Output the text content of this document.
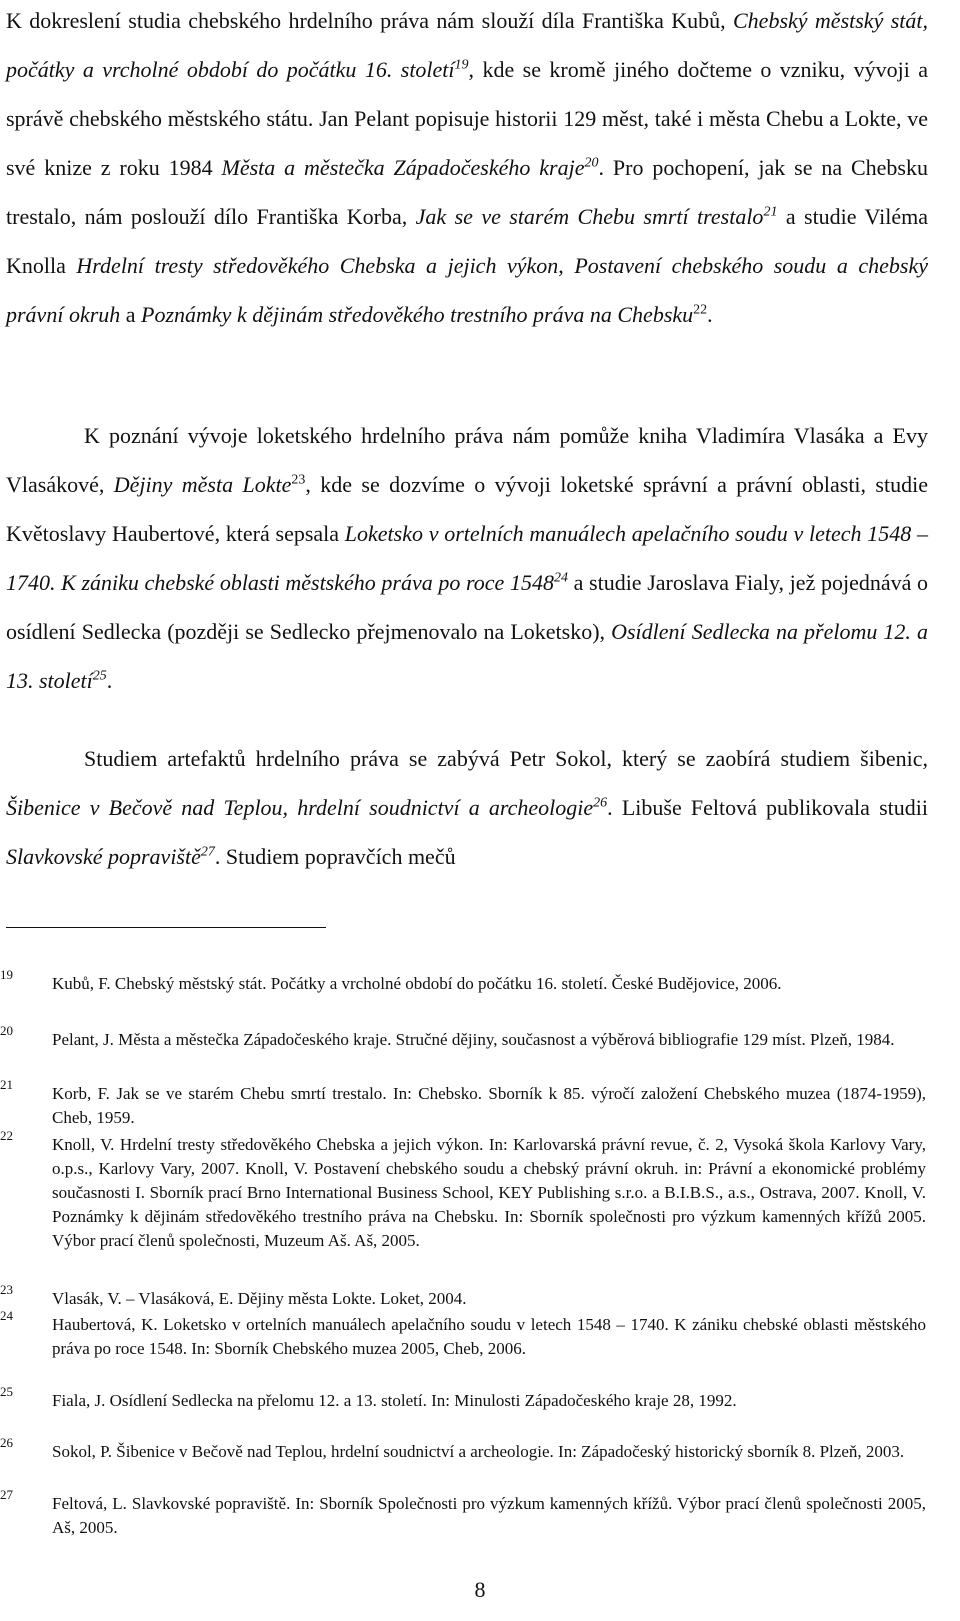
K dokreslení studia chebského hrdelního práva nám slouží díla Františka Kubů, Chebský městský stát, počátky a vrcholné období do počátku 16. století$^{19}$, kde se kromě jiného dočteme o vzniku, vývoji a správě chebského městského státu. Jan Pelant popisuje historii 129 měst, také i města Chebu a Lokte, ve své knize z roku 1984 Města a městečka Západočeského kraje$^{20}$. Pro pochopení, jak se na Chebsku trestalo, nám poslouží dílo Františka Korba, Jak se ve starém Chebu smrtí trestalo$^{21}$ a studie Viléma Knolla Hrdelní tresty středověkého Chebska a jejich výkon, Postavení chebského soudu a chebský právní okruh a Poznámky k dějinám středověkého trestního práva na Chebsku$^{22}$.

K poznání vývoje loketského hrdelního práva nám pomůže kniha Vladimíra Vlasáka a Evy Vlasákové, Dějiny města Lokte$^{23}$, kde se dozvíme o vývoji loketské správní a právní oblasti, studie Květoslavy Haubertové, která sepsala Loketsko v ortelních manuálech apelačního soudu v letech 1548 – 1740. K zániku chebské oblasti městského práva po roce 1548$^{24}$ a studie Jaroslava Fialy, jež pojednává o osídlení Sedlecka (později se Sedlecko přejmenovalo na Loketsko), Osídlení Sedlecka na přelomu 12. a 13. století$^{25}$.

Studiem artefaktů hrdelního práva se zabývá Petr Sokol, který se zaobírá studiem šibenic, Šibenice v Bečově nad Teplou, hrdelní soudnictví a archeologie$^{26}$. Libuše Feltová publikovala studii Slavkovské popraviště$^{27}$. Studiem popravčích mečů

19	Kubů, F. Chebský městský stát. Počátky a vrcholné období do počátku 16. století. České Budějovice, 2006.
20	Pelant, J. Města a městečka Západočeského kraje. Stručné dějiny, současnost a výběrová bibliografie 129 míst. Plzeň, 1984.
21	Korb, F. Jak se ve starém Chebu smrtí trestalo. In: Chebsko. Sborník k 85. výročí založení Chebského muzea (1874-1959), Cheb, 1959.
22	Knoll, V. Hrdelní tresty středověkého Chebska a jejich výkon. In: Karlovarská právní revue, č. 2, Vysoká škola Karlovy Vary, o.p.s., Karlovy Vary, 2007. Knoll, V. Postavení chebského soudu a chebský právní okruh. in: Právní a ekonomické problémy současnosti I. Sborník prací Brno International Business School, KEY Publishing s.r.o. a B.I.B.S., a.s., Ostrava, 2007. Knoll, V. Poznámky k dějinám středověkého trestního práva na Chebsku. In: Sborník společnosti pro výzkum kamenných křížů 2005. Výbor prací členů společnosti, Muzeum Aš. Aš, 2005.
23	Vlasák, V. – Vlasáková, E. Dějiny města Lokte. Loket, 2004.
24	Haubertová, K. Loketsko v ortelních manuálech apelačního soudu v letech 1548 – 1740. K zániku chebské oblasti městského práva po roce 1548. In: Sborník Chebského muzea 2005, Cheb, 2006.
25	Fiala, J. Osídlení Sedlecka na přelomu 12. a 13. století. In: Minulosti Západočeského kraje 28, 1992.
26	Sokol, P. Šibenice v Bečově nad Teplou, hrdelní soudnictví a archeologie. In: Západočeský historický sborník 8. Plzeň, 2003.
27	Feltová, L. Slavkovské popraviště. In: Sborník Společnosti pro výzkum kamenných křížů. Výbor prací členů společnosti 2005, Aš, 2005.
8
